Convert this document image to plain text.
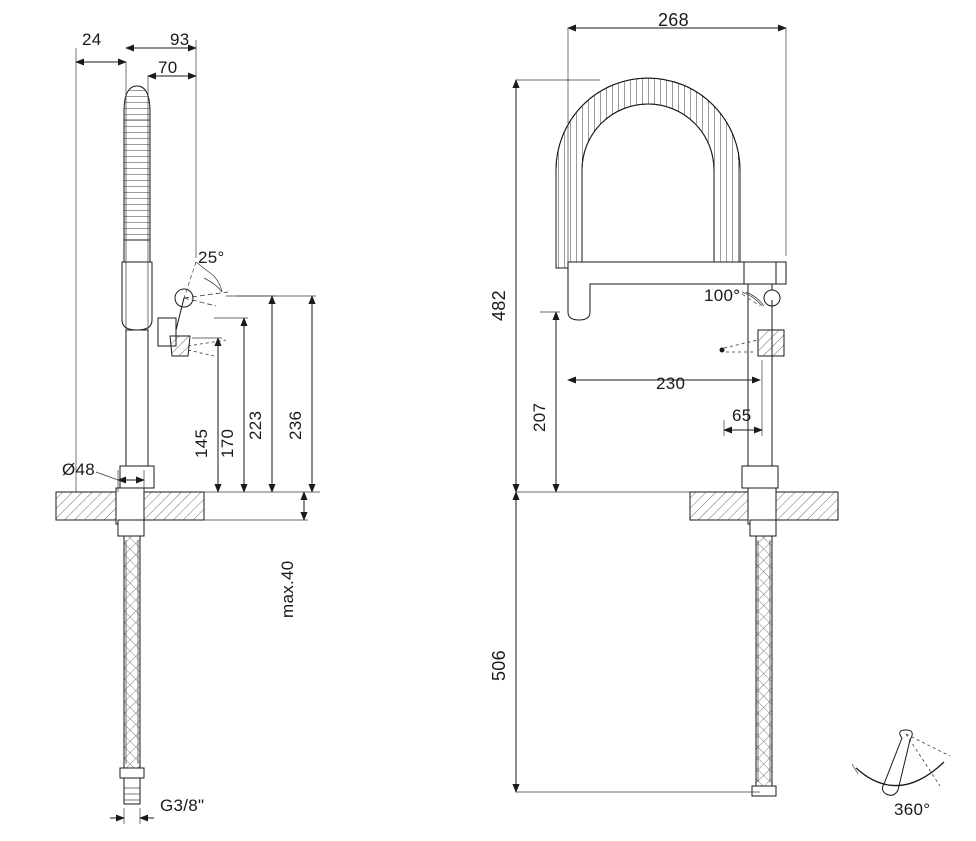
24	93
70
25°
145 170
223 236
Ø48
max.40
G3/8"
268
482	100°
207
230
65
506
360°
